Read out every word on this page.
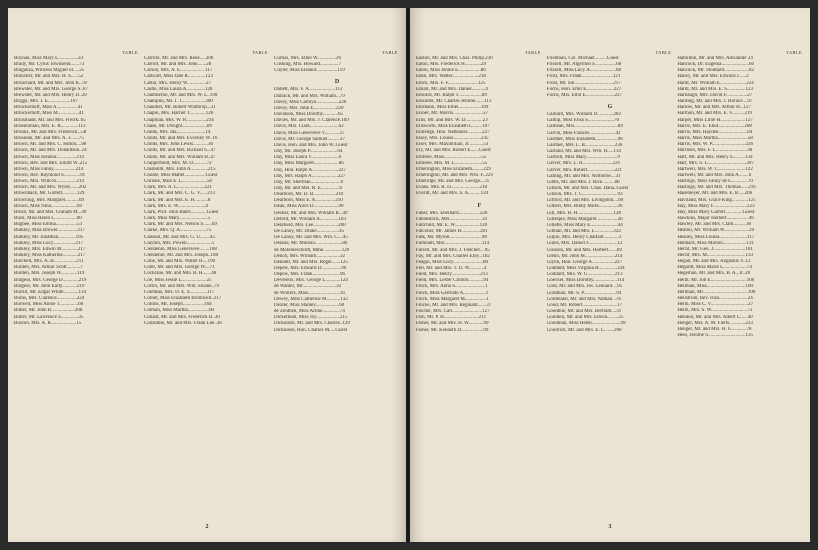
TABLE
Boynan, Miss Mary L................23
Brady, Mr. Cyrus Townsend.......73
Braganza, Princess Miguel of.....25
Brancker, Mr. and Mrs. H. S......52
Brouchard, Mr. and Mrs. John K..78
Brewster, Mr. and Mrs. George S..67
Brewster, Mr. and Mrs. Henry D..20
Briggs, Mrs. J. E..................107
Brinckerhoff, Miss A.................41
Brinckerhoff, Miss M.................41
Brinsmade, Mr. and Mrs. Fred'k..65
Broenniman, Mrs. E. R..............113
Brooks, Mr. and Mrs. Frederick...58
Brosseau, Mr. and Mrs. A. J.......75
Brown, Mr. and Mrs. C. Hilton....98
Brown, Mr. and Mrs. Donaldson..24
Brown, Miss Eleanor................214
Brown, Rev. and Mrs. Elliott W..215
Brown, Miss Fanny..................214
Brown, Rev. Raymond S.............91
Brown, Mrs. Willcox................214
Brown, Mr. and Mrs. Wyley.......202
Brownback, Mr. Garrett............129
Browning, Mrs. Margaret...........69
Brown, Miss Nina.....................69
Brush, Mr. and Mrs. Graham M...49
Buck, Miss Helen I...................80
Bugbee, Miss Emma.................53
Bulkley, Miss Brewer................217
Bulkley, Mr. Jonathan..............105
Bulkley, Miss Lucy..................217
Bulkley, Mrs. Edwin M.............217
Bulkley, Miss Katherine............217
Burchell, Mrs. A. H..................211
Burden, Mrs. Arthur Scott...........7
Burden, Mrs. Joseph W.............119
Burgess, Mrs. George D.............219
Burgess, Mr. John Early............219
Burrill, Mr. Edgar White............134
Burns, Mrs. Clarence................224
Burwell, Miss Annie T...............68
Butler, Mr. John R...................208
Butler, Mr. Lawrence S..............35
Buxton, Mrs. A. K....................15
TABLE
Carrillo, Mr. and Mrs. Rene.....206
Carroll, Mr. and Mrs. John.......28
Carson, Mrs. A. E....................117
Cathcart, Miss Jane R..............123
Catlin, Mrs. Henry W...............27
Castle, Miss Laura A...............128
Chamberlin, Mr. and Mrs. W. L..190
Champlin, Mr. J. T...................200
Chandler, Mr. Robert Winthrop...31
Chapin, Mrs. Harriet T.............126
Chapman, Mrs. W. R................234
Chase, Mr. Dwight....................89
Childs, Mrs. Ida.......................14
Childs, Mr. and Mrs. Eversley W..16
Childs, Mrs. John Lewis............36
Childs, Mr. and Mrs. Richard S...47
Childs, Mr. and Mrs. William H..47
Chipperfield, Mrs. M. D...........72
Chisholm, Mrs. John A..............215
Choate, Miss Mabel.................Guest
Christie, Miss E. L....................58
Clark, Mrs. A. L......................221
Clark, Mr. and Mrs. C. G. V......213
Clark, Mr. and Mrs. E. H...........8
Clark, Mrs. E. W......................4
Clark, Prof. John Bates.............Guest
Clark, Miss Mary.......................5
Clark, Mr. and Mrs. Nelson S.......69
Clarke, Mrs. Q. A.....................75
Clauson, Mr. and Mrs. G. U........45
Clayton, Mrs. Powell....................5
Clendenin, Miss Genevieve........108
Clendenin, Mr. and Mrs. Joseph..108
Cline, Mr. and Mrs. Walter H....190
Cobb, Mr. and Mrs. George W....71
Cochrane, Mr. and Mrs. R. H.......48
Coe, Miss Jessie L....................25
Coffin, Mr. and Mrs. Wm. Sloane..79
Coleman, Mrs. D. E. S..............117
Collier, Miss Elizabeth Bromwell..217
Collins, Mr. Joseph.................164
Colman, Miss Martha.................60
Conant, Mr. and Mrs. Frederick H..30
Constable, Mr. and Mrs. Frank Lee..36
TABLE
Curtiss, Mrs. Ethel W...............26
Cushing, Mrs. Howard...............7
Cuyler, Miss Eleanor.................119
D
Dallett, Mrs. F. A.....................112
Darrach, Mr. and Mrs. William...79
Davey, Miss Carolyn..................220
Davey, Mrs. John E..................220
Davidson, Miss Dorothy............65
Davies, Mr. and Mrs. J. Clarence.109
Davis, Mrs. Clark.......................62
Davis, Miss Genevieve V............27
Davis, Mr. George Samuel..........37
Davis, Hon. and Mrs. John W..Guest
Day, Mr. Joseph P......................64
Day, Miss Laura V......................6
Day, Miss Margaret....................86
Day, Hon. Ralph A.....................227
Day, Mrs. Ralph A.....................227
Day, Mr. Sherman........................6
Day, Mr. and Mrs. R. E...............6
Dearborn, Mr. D. B..................210
Dearborn, Miss E. A................210
Dean, Miss Alice D....................99
Decker, Mr. and Mrs. William R...49
Deford, Mr. William A...............103
Delafield, Mrs. Lee....................200
De Lanoy, Mr. Drake..................45
De Lanoy, Mr. and Mrs. Wm. C....45
Delano, Mr. Moreau......................86
de Molemeschildt, Mme...............129
Dench, Mrs. William...................32
Dennett, Mr. and Mrs. Roger.......125
Depew, Mrs. Edward D................96
Depew, Mrs. Frank......................96
Devereux, Mrs. George L............124
de Wanter, Mr...........................32
de Wolfers, Miss..........................41
Dewey, Miss Catherine M...........132
Dexter, Miss Stanley...................60
de Zeuthen, Miss Arline..............74
Dickerman, Miss Joy...................215
Dickinson, Mr. and Mrs. Charles..129
Dickinson, Hon. Charles M.....Guest
2
TABLE
Easton, Mr. and Mrs. Chas. Philip.230
Eaton, Mrs. Frederick H.............29
Eaton, Miss Jennie E..................86
Eden, Mrs. Walter.....................218
Edick, Mrs. F. F........................125
Edsall, Mr. and Mrs. Daniel...........4
Edward, Mr. Ralph T...................89
Edwards, Mr. Charles Jerome.......113
Ehrmann, Miss Ethel..................109
Eisner, Mr. Morris........................57
Ellis, Mr. and Mrs. W. D..............23
Ellsworth, Miss Elizabeth L........107
Eldredge, Hon. Nathaniel............227
Elsey, Mrs. Louise......................235
Elser, Mrs. Maximilian, Jr............53
Ely, Mr. and Mrs. Robert E.......Guest
Embree, Miss..............................55
Embree, Mrs. M. L......................55
Etherington, Miss Elizabeth.........229
Etherington, Mr. and Mrs. Wm. F..229
Etheridge, Mr. and Mrs. George.....6
Evans, Mrs. R. D.......................218
Everitt, Mr. and Mrs. S. A..........124
F
Faber, Mrs. Eberhard.................226
Fahnestock, Mrs..........................14
Fairchild, Mr. E. W....................120
Falconer, Mr. James H...............281
Falk, Mr. Myron..........................98
Farnham, Mrs..............................114
Farrell, Mr. and Mrs. J. Fletcher....95
Fay, Mr. and Mrs. Charles Eloy...102
Feagin, Miss Lucy........................80
Fell, Mr. and Mrs. T. D. W............4
Field, Mrs. Henry.......................213
Field, Mrs. Lester Clinton............94
Finck, Mrs. Anna S........................1
Finck, Miss Gertrude A..................1
Finck, Miss Margaret M.................1
Fincke, Mr. and Mrs. Reginald.......37
Fischer, Mrs. Carl........................127
Fish, Mr. P. H............................211
Fisher, Mr. and Mrs. H. W............99
Fisher, Mr. Kenneth D..................99
TABLE
Friedman, Col. Michael..........Guest
Frissell, Mr. Algernon S.................68
Frissell, Miss Lucy A.....................68
Frost, Mrs. Frank.........................121
Frost, Mr. Sol...............................217
Fuchs, Hon. Emil E......................227
Fuchs, Mrs. Emil E.......................227
G
Gaillard, Mrs. William D.............202
Gallup, Miss Elisa S.....................70
Galliean, Mrs...................................89
Galvin, Miss Frances.....................42
Gardner, Miss Elizabeth..................96
Gardner, Mrs. L. B........................236
Garland, Mr. and Mrs. Wm. H.....114
Gartrell, Miss Mary.........................9
Garver, Mrs. L. H........................221
Garver, Mrs. Robert......................221
Gatling, Mr. and Mrs. Norborne....31
Gibbs, Mr. and Mrs. J. Rice..........88
Gibson, Mr. and Mrs. Chas. Dana..Guest
Gibson, Mrs. T. C............................93
Gifford, Mr. and Mrs. Livingston....60
Gilbert, Mrs. Ribby Miles...............26
Gill, Mrs. H. H.............................128
Gillespie, Miss Margaret.................26
Gillette, Miss Mary E......................44
Gilman, Mr. and Mrs. L...............222
Gilpin, Mrs. Henry Chalfant............3
Ginns, Mrs. Daniel F.......................12
Gleason, Mr. and Mrs. Herbert.......69
Glenn, Mr. John M........................214
Glynn, Hon. George A..................227
Goddard, Miss Virginia B...............234
Goddard, Mrs. W. G......................213
Goeckel, Miss Dorothy...................114
Gold, Mr. and Mrs. Jos. Leonard....95
Goldman, Mr. S. P..........................94
Goldmann, Mr. and Mrs. Nathan...76
Good, Mr. Robert............................17
Goodhue, Mr. and Mrs. Bertram....31
Goodkin, Mr. and Mrs. Edwin.........25
Goodman, Miss Helen.......................99
Goodrich, Mr. and Mrs. E. L........200
TABLE
Hamilton, Mr. and Mrs. Alexander 24
Hancock, Dr. Eugenia......................66
Hancock, Mr. Stoddard....................82
Haney, Mr. and Mrs. Edward J......2
Hardt, Mr. William E.....................224
Hardt, Mr. and Mrs. E. S...............123
Harbaugh, Mrs. David F.................27
Harding, Mr. and Mrs. J. Horace....97
Harlow, Mr. and Mrs. Arthur H...127
Harmon, Mr. and Mrs. E. V..........219
Harper, Miss Lillie H....................127
Harris, Mrs. E. Eliot.....................208
Harris, Mrs. Hayden.......................84
Harris, Miss Martha........................58
Harris, Mrs. W. P...........................226
Harrison, Mrs. F. L.........................38
Hart, Mr. and Mrs. Henry S..........134
Hart, Mrs. S. L...............................207
Hartwell, Mrs. W. C......................122
Hartwell, Mr. and Mrs. John A........6
Hastings, Miss Fanny de G.............70
Hastings, Mr. and Mrs. Thomas......216
Hasemeyer, Mr. and Mrs. E. R.....206
Haviland, Mrs. Grace King.............125
Hay, Miss Mary F...........................223
Hay, Miss Mary Garrett..............Guest
Hawkins, Major Herbert..................46
Hawley, Mr. and Mrs. Clark..........38
Heaton, Mr. William W....................29
Heaney, Miss Louisa......................117
Hebbard, Miss Marion...................131
Hecht, Mr. Geo. J..........................101
Hecht, Mrs. M...............................133
Hegan, Mr. and Mrs. Augustus V..12
Hegardt, Miss Marie L...................74
Hegeman, Mr. and Mrs. B. A., Jr..20
Heim, Mr. Job E.............................100
Hellman, Miss...............................100
Hellman, Mr....................................100
Hellstrom, Rev. Ivan.......................24
Helm, Miss C. V..............................27
Helm, Mrs. S. W.............................72
Hendon, Mr. and Mrs. Albert C......40
Henger, Mrs. A. M. Fierts.............233
Henger, Mr. and Mrs. H. G............78
Hess, Jerome S..............................135
3
